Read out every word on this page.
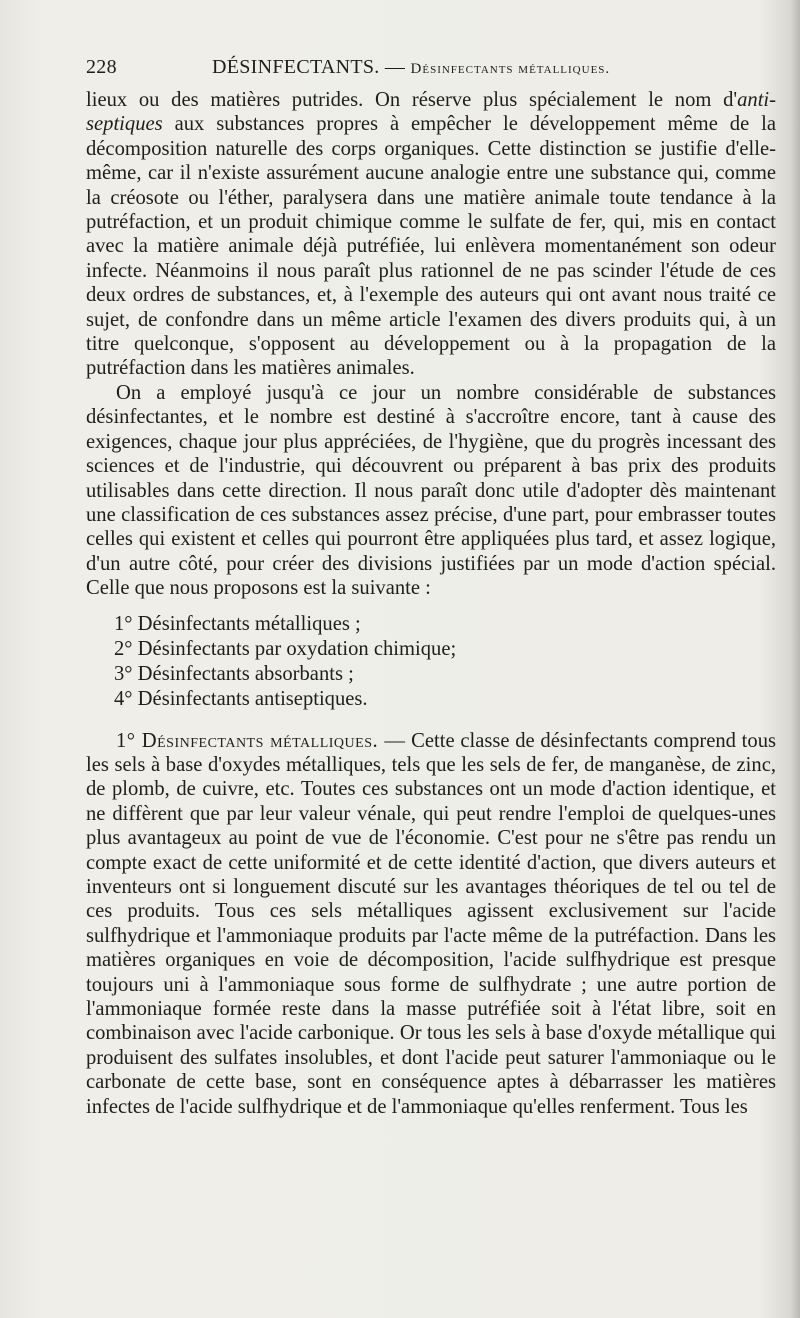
228	DÉSINFECTANTS. — Désinfectants métalliques.

lieux ou des matières putrides. On réserve plus spécialement le nom d'anti-septiques aux substances propres à empêcher le développement même de la décomposition naturelle des corps organiques. Cette distinction se justifie d'elle-même, car il n'existe assurément aucune analogie entre une substance qui, comme la créosote ou l'éther, paralysera dans une matière animale toute tendance à la putréfaction, et un produit chimique comme le sulfate de fer, qui, mis en contact avec la matière animale déjà putréfiée, lui enlèvera momentanément son odeur infecte. Néanmoins il nous paraît plus rationnel de ne pas scinder l'étude de ces deux ordres de substances, et, à l'exemple des auteurs qui ont avant nous traité ce sujet, de confondre dans un même article l'examen des divers produits qui, à un titre quelconque, s'opposent au développement ou à la propagation de la putréfaction dans les matières animales.

On a employé jusqu'à ce jour un nombre considérable de substances désinfectantes, et le nombre est destiné à s'accroître encore, tant à cause des exigences, chaque jour plus appréciées, de l'hygiène, que du progrès incessant des sciences et de l'industrie, qui découvrent ou préparent à bas prix des produits utilisables dans cette direction. Il nous paraît donc utile d'adopter dès maintenant une classification de ces substances assez précise, d'une part, pour embrasser toutes celles qui existent et celles qui pourront être appliquées plus tard, et assez logique, d'un autre côté, pour créer des divisions justifiées par un mode d'action spécial. Celle que nous proposons est la suivante :

1° Désinfectants métalliques ;
2° Désinfectants par oxydation chimique;
3° Désinfectants absorbants ;
4° Désinfectants antiseptiques.

1° Désinfectants métalliques. — Cette classe de désinfectants comprend tous les sels à base d'oxydes métalliques, tels que les sels de fer, de manganèse, de zinc, de plomb, de cuivre, etc. Toutes ces substances ont un mode d'action identique, et ne diffèrent que par leur valeur vénale, qui peut rendre l'emploi de quelques-unes plus avantageux au point de vue de l'économie. C'est pour ne s'être pas rendu un compte exact de cette uniformité et de cette identité d'action, que divers auteurs et inventeurs ont si longuement discuté sur les avantages théoriques de tel ou tel de ces produits. Tous ces sels métalliques agissent exclusivement sur l'acide sulfhydrique et l'ammoniaque produits par l'acte même de la putréfaction. Dans les matières organiques en voie de décomposition, l'acide sulfhydrique est presque toujours uni à l'ammoniaque sous forme de sulfhydrate ; une autre portion de l'ammoniaque formée reste dans la masse putréfiée soit à l'état libre, soit en combinaison avec l'acide carbonique. Or tous les sels à base d'oxyde métallique qui produisent des sulfates insolubles, et dont l'acide peut saturer l'ammoniaque ou le carbonate de cette base, sont en conséquence aptes à débarrasser les matières infectes de l'acide sulfhydrique et de l'ammoniaque qu'elles renferment. Tous les
